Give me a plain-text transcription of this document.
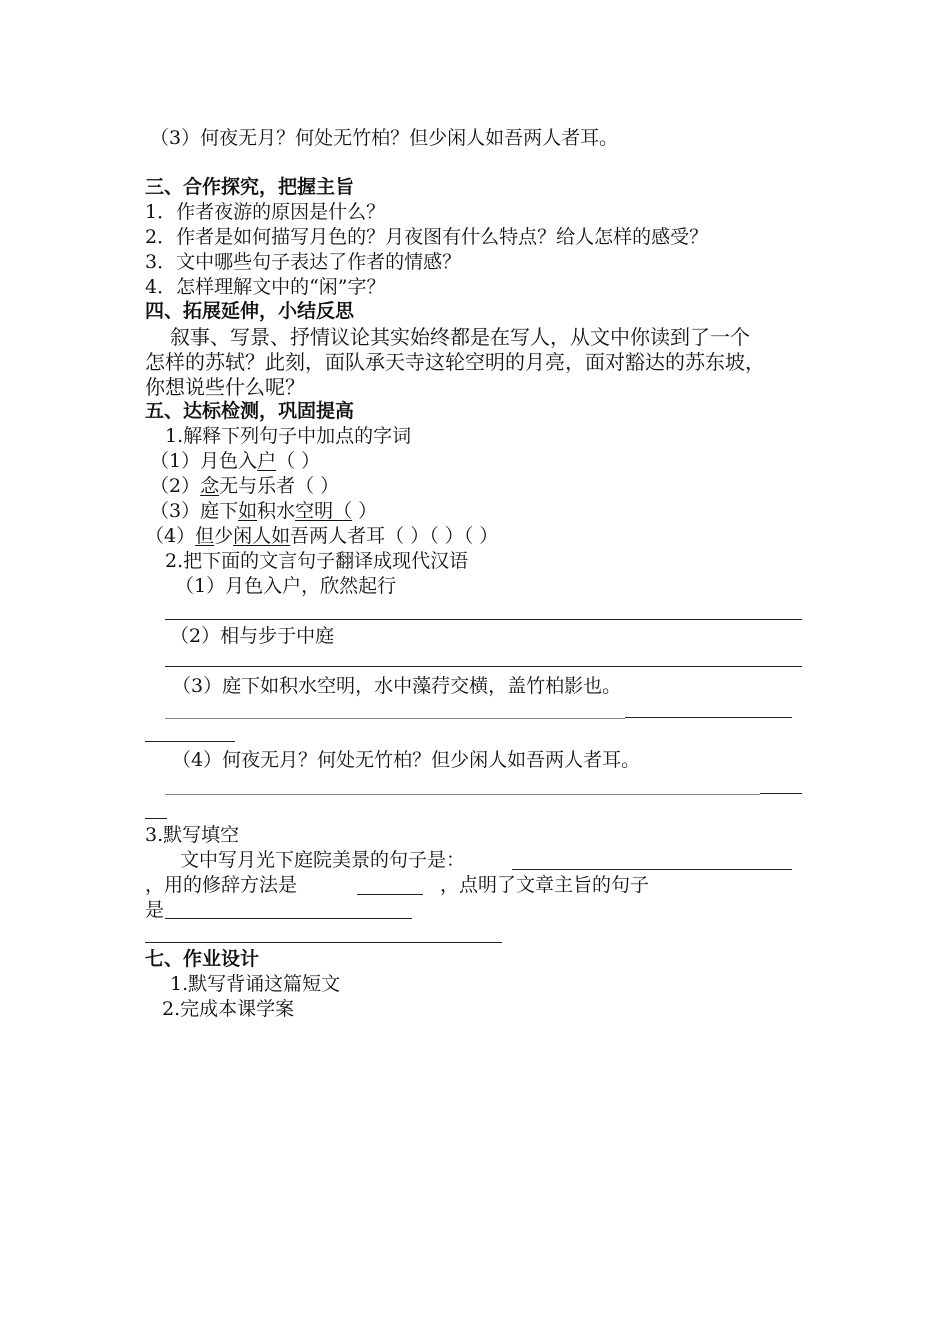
（3）何夜无月？何处无竹柏？但少闲人如吾两人者耳。
三、合作探究，把握主旨
1．作者夜游的原因是什么？
2．作者是如何描写月色的？月夜图有什么特点？给人怎样的感受？
3．文中哪些句子表达了作者的情感？
4．怎样理解文中的“闲”字？
四、拓展延伸，小结反思
叙事、写景、抒情议论其实始终都是在写人，从文中你读到了一个
怎样的苏轼？此刻，面队承天寺这轮空明的月亮，面对豁达的苏东坡，
你想说些什么呢？
五、达标检测，巩固提高
1.解释下列句子中加点的字词
（1）月色入户（ ）
（2）念无与乐者（ ）
（3）庭下如积水空明（ ）
（4）但少闲人如吾两人者耳（ ）（ ）（ ）
2.把下面的文言句子翻译成现代汉语
（1）月色入户，欣然起行
（2）相与步于中庭
（3）庭下如积水空明，水中藻荇交横，盖竹柏影也。
（4）何夜无月？何处无竹柏？但少闲人如吾两人者耳。
3.默写填空
文中写月光下庭院美景的句子是：
，用的修辞方法是	，点明了文章主旨的句子
是
七、作业设计
1.默写背诵这篇短文
2.完成本课学案
